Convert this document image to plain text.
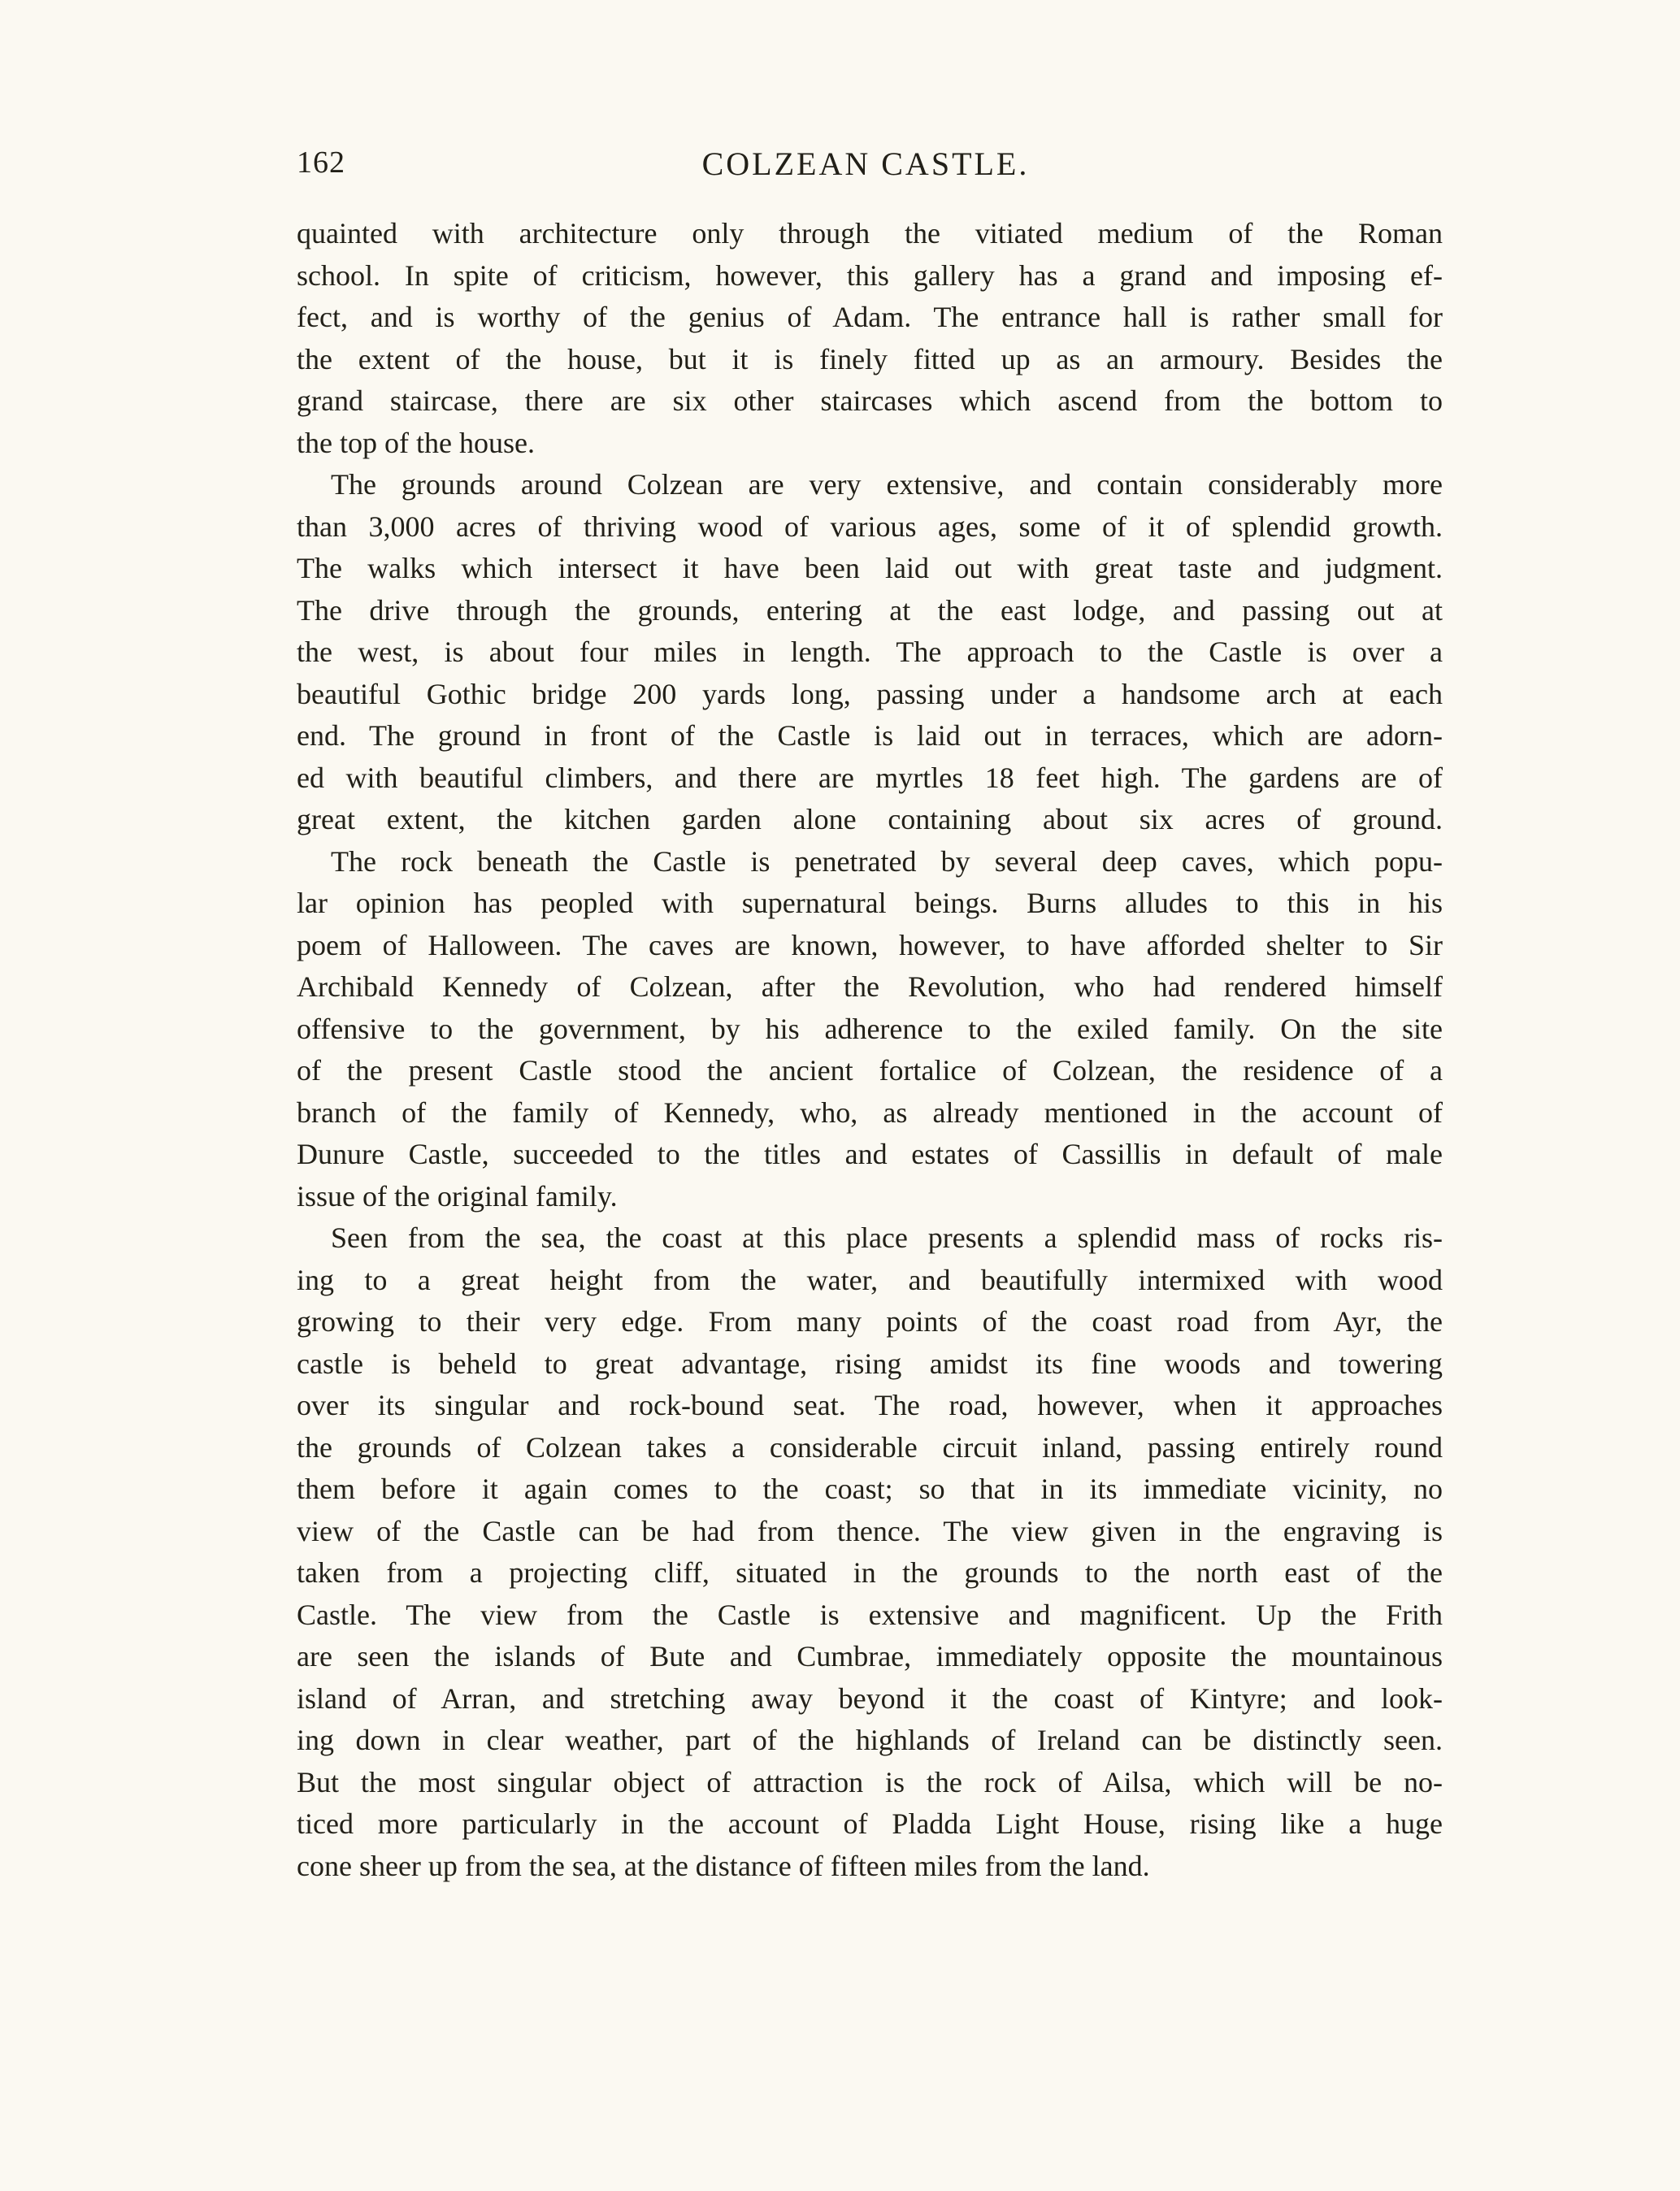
162	COLZEAN CASTLE.
quainted with architecture only through the vitiated medium of the Roman
school. In spite of criticism, however, this gallery has a grand and imposing ef-
fect, and is worthy of the genius of Adam. The entrance hall is rather small for
the extent of the house, but it is finely fitted up as an armoury. Besides the
grand staircase, there are six other staircases which ascend from the bottom to
the top of the house.
The grounds around Colzean are very extensive, and contain considerably more
than 3,000 acres of thriving wood of various ages, some of it of splendid growth.
The walks which intersect it have been laid out with great taste and judgment.
The drive through the grounds, entering at the east lodge, and passing out at
the west, is about four miles in length. The approach to the Castle is over a
beautiful Gothic bridge 200 yards long, passing under a handsome arch at each
end. The ground in front of the Castle is laid out in terraces, which are adorn-
ed with beautiful climbers, and there are myrtles 18 feet high. The gardens are of
great extent, the kitchen garden alone containing about six acres of ground.
The rock beneath the Castle is penetrated by several deep caves, which popu-
lar opinion has peopled with supernatural beings. Burns alludes to this in his
poem of Halloween. The caves are known, however, to have afforded shelter to Sir
Archibald Kennedy of Colzean, after the Revolution, who had rendered himself
offensive to the government, by his adherence to the exiled family. On the site
of the present Castle stood the ancient fortalice of Colzean, the residence of a
branch of the family of Kennedy, who, as already mentioned in the account of
Dunure Castle, succeeded to the titles and estates of Cassillis in default of male
issue of the original family.
Seen from the sea, the coast at this place presents a splendid mass of rocks ris-
ing to a great height from the water, and beautifully intermixed with wood
growing to their very edge. From many points of the coast road from Ayr, the
castle is beheld to great advantage, rising amidst its fine woods and towering
over its singular and rock-bound seat. The road, however, when it approaches
the grounds of Colzean takes a considerable circuit inland, passing entirely round
them before it again comes to the coast; so that in its immediate vicinity, no
view of the Castle can be had from thence. The view given in the engraving is
taken from a projecting cliff, situated in the grounds to the north east of the
Castle. The view from the Castle is extensive and magnificent. Up the Frith
are seen the islands of Bute and Cumbrae, immediately opposite the mountainous
island of Arran, and stretching away beyond it the coast of Kintyre; and look-
ing down in clear weather, part of the highlands of Ireland can be distinctly seen.
But the most singular object of attraction is the rock of Ailsa, which will be no-
ticed more particularly in the account of Pladda Light House, rising like a huge
cone sheer up from the sea, at the distance of fifteen miles from the land.
